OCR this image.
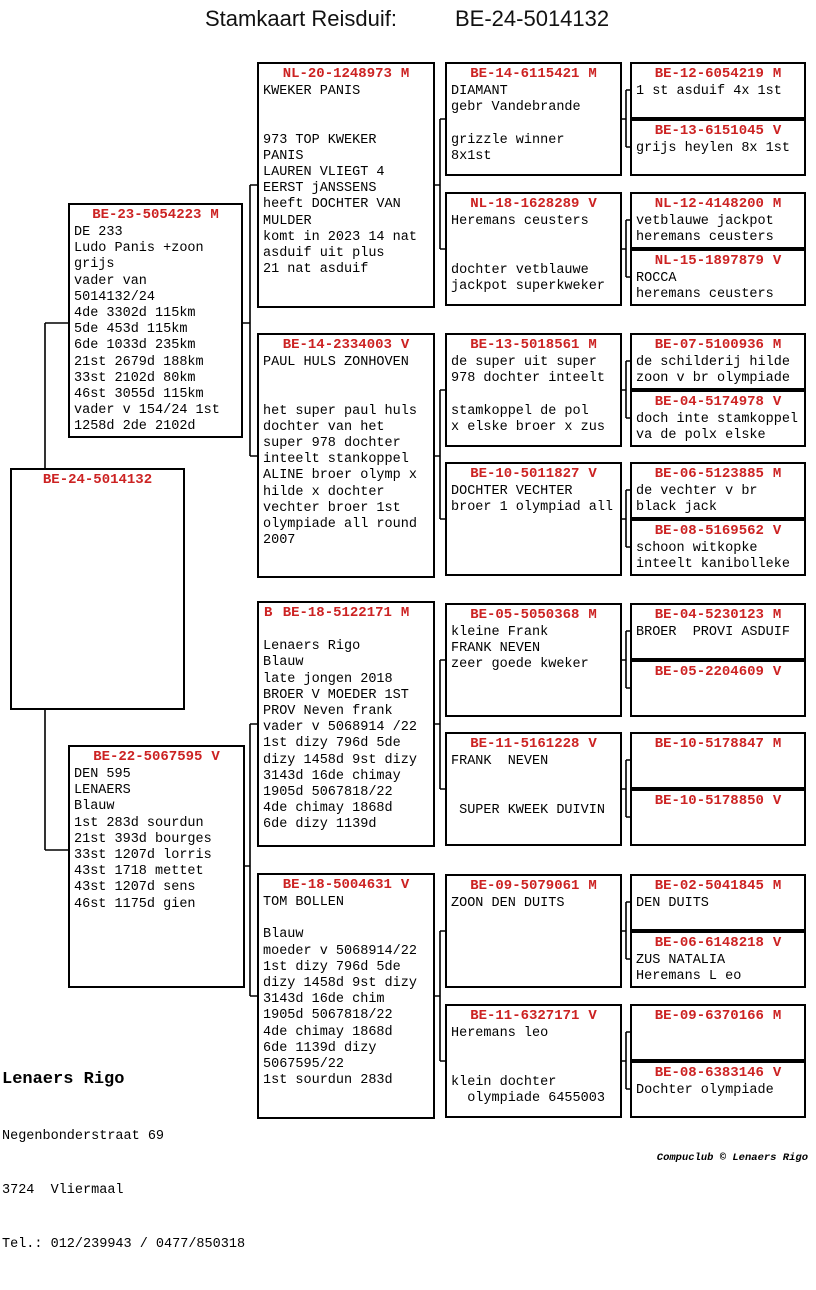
Stamkaart Reisduif:	BE-24-5014132
BE-24-5014132
BE-23-5054223 M
DE 233
Ludo Panis +zoon
grijs
vader van
5014132/24
4de 3302d 115km
5de 453d 115km
6de 1033d 235km
21st 2679d 188km
33st 2102d 80km
46st 3055d 115km
vader v 154/24 1st
1258d 2de 2102d
BE-22-5067595 V
DEN 595
LENAERS
Blauw
1st 283d sourdun
21st 393d bourges
33st 1207d lorris
43st 1718 mettet
43st 1207d sens
46st 1175d gien
NL-20-1248973 M
KWEKER PANIS

973 TOP KWEKER
PANIS
LAUREN VLIEGT 4
EERST jANSSENS
heeft DOCHTER VAN
MULDER
komt in 2023 14 nat
asduif uit plus
21 nat asduif
BE-14-2334003 V
PAUL HULS ZONHOVEN

het super paul huls
dochter van het
super 978 dochter
inteelt stankoppel
ALINE broer olymp x
hilde x dochter
vechter broer 1st
olympiade all round
2007
B BE-18-5122171 M

Lenaers Rigo
Blauw
late jongen 2018
BROER V MOEDER 1ST
PROV Neven frank
vader v 5068914 /22
1st dizy 796d 5de
dizy 1458d 9st dizy
3143d 16de chimay
1905d 5067818/22
4de chimay 1868d
6de dizy 1139d
BE-18-5004631 V
TOM BOLLEN

Blauw
moeder v 5068914/22
1st dizy 796d 5de
dizy 1458d 9st dizy
3143d 16de chim
1905d 5067818/22
4de chimay 1868d
6de 1139d dizy
5067595/22
1st sourdun 283d
BE-14-6115421 M
DIAMANT
gebr Vandebrande

grizzle winner
8x1st
NL-18-1628289 V
Heremans ceusters

dochter vetblauwe
jackpot superkweker
BE-13-5018561 M
de super uit super
978 dochter inteelt

stamkoppel de pol
x elske broer x zus
BE-10-5011827 V
DOCHTER VECHTER
broer 1 olympiad all
BE-05-5050368 M
kleine Frank
FRANK NEVEN
zeer goede kweker
BE-11-5161228 V
FRANK  NEVEN

SUPER KWEEK DUIVIN
BE-09-5079061 M
ZOON DEN DUITS
BE-11-6327171 V
Heremans leo

klein dochter
olympiade 6455003
BE-12-6054219 M
1 st asduif 4x 1st
BE-13-6151045 V
grijs heylen 8x 1st
NL-12-4148200 M
vetblauwe jackpot
heremans ceusters
NL-15-1897879 V
ROCCA
heremans ceusters
BE-07-5100936 M
de schilderij hilde
zoon v br olympiade
BE-04-5174978 V
doch inte stamkoppel
va de polx elske
BE-06-5123885 M
de vechter v br
black jack
BE-08-5169562 V
schoon witkopke
inteelt kanibolleke
BE-04-5230123 M
BROER  PROVI ASDUIF
BE-05-2204609 V
BE-10-5178847 M
BE-10-5178850 V
BE-02-5041845 M
DEN DUITS
BE-06-6148218 V
ZUS NATALIA
Heremans L eo
BE-09-6370166 M
BE-08-6383146 V
Dochter olympiade

Lenaers Rigo

Negenbonderstraat 69

3724  Vliermaal

Tel.: 012/239943 / 0477/850318

Compuclub © Lenaers Rigo
